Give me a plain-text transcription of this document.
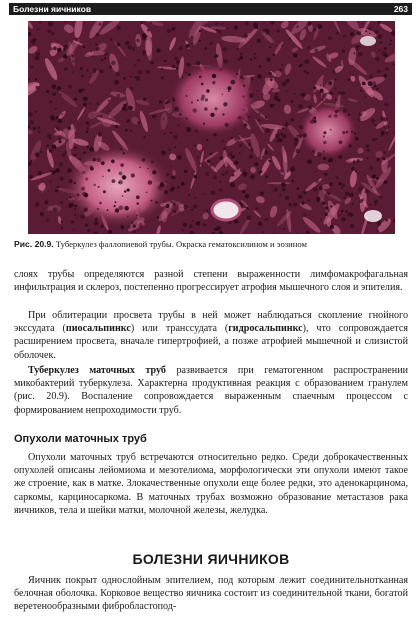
Болезни яичников	263

Рис. 20.9. Туберкулез фаллопиевой трубы. Окраска гематоксилином и эозином

слоях трубы определяются разной степени выраженности лимфомакрофагальная инфильтрация и склероз, постепенно прогрессирует атрофия мышечного слоя и эпителия.

При облитерации просвета трубы в ней может наблюдаться скопление гнойного экссудата (пиосальпинкс) или транссудата (гидросальпинкс), что сопровождается расширением просвета, вначале гипертрофией, а позже атрофией мышечной и слизистой оболочек.

Туберкулез маточных труб развивается при гематогенном распространении микобактерий туберкулеза. Характерна продуктивная реакция с образованием гранулем (рис. 20.9). Воспаление сопровождается выраженным спаечным процессом с формированием непроходимости труб.

Опухоли маточных труб

Опухоли маточных труб встречаются относительно редко. Среди доброкачественных опухолей описаны лейомиома и мезотелиома, морфологически эти опухоли имеют такое же строение, как в матке. Злокачественные опухоли еще более редки, это аденокарцинома, саркомы, карциносаркома. В маточных трубах возможно образование метастазов рака яичников, тела и шейки матки, молочной железы, желудка.

БОЛЕЗНИ ЯИЧНИКОВ

Яичник покрыт однослойным эпителием, под которым лежит соединительнотканная белочная оболочка. Корковое вещество яичника состоит из соединительной ткани, богатой веретенообразными фибробластопод-
